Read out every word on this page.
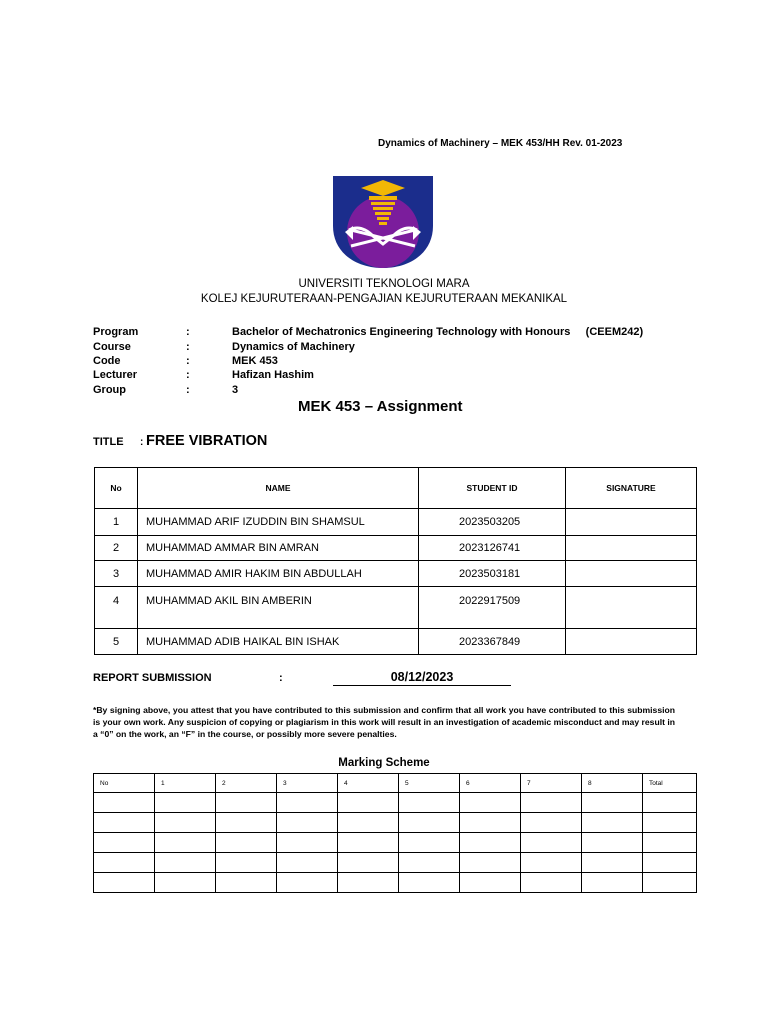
Dynamics of Machinery – MEK 453/HH Rev. 01-2023
UNIVERSITI TEKNOLOGI MARA
KOLEJ KEJURUTERAAN-PENGAJIAN KEJURUTERAAN MEKANIKAL
Program	:	Bachelor of Mechatronics Engineering Technology with Honours     (CEEM242)
Course	:	Dynamics of Machinery
Code	:	MEK 453
Lecturer	:	Hafizan Hashim
Group	:	3
MEK 453 – Assignment
TITLE : FREE VIBRATION
No	NAME	STUDENT ID	SIGNATURE
1	MUHAMMAD ARIF IZUDDIN BIN SHAMSUL	2023503205	
2	MUHAMMAD AMMAR BIN AMRAN	2023126741	
3	MUHAMMAD AMIR HAKIM BIN ABDULLAH	2023503181	
4	MUHAMMAD AKIL BIN AMBERIN	2022917509	
5	MUHAMMAD ADIB HAIKAL BIN ISHAK	2023367849	
REPORT SUBMISSION	:	08/12/2023
*By signing above, you attest that you have contributed to this submission and confirm that all work you have contributed to this submission is your own work. Any suspicion of copying or plagiarism in this work will result in an investigation of academic misconduct and may result in a “0” on the work, an “F” in the course, or possibly more severe penalties.
Marking Scheme
No	1	2	3	4	5	6	7	8	Total
